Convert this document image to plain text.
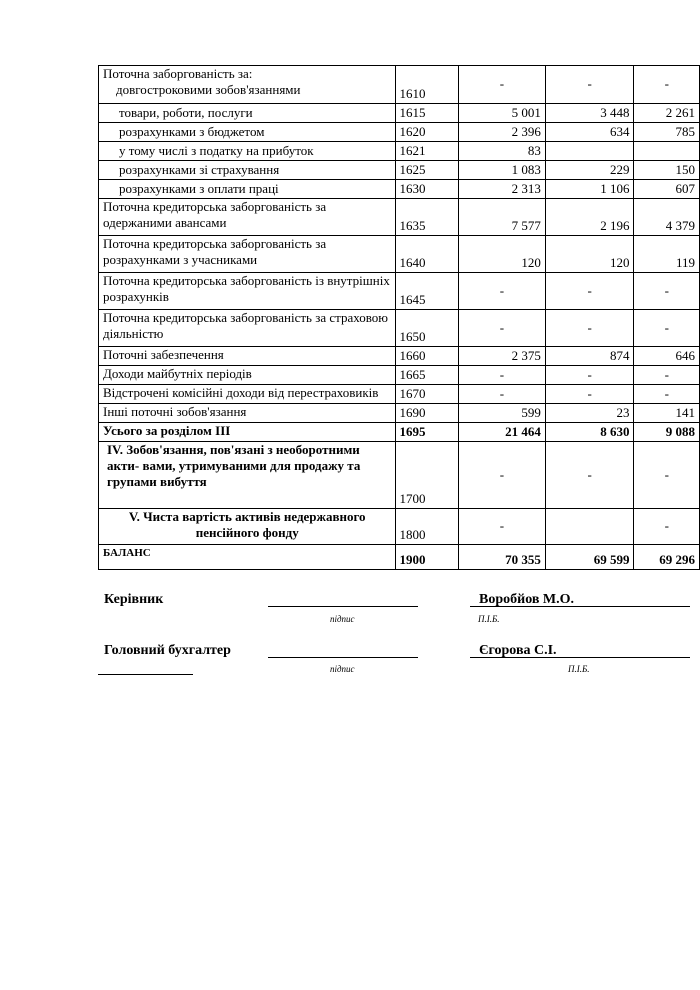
Поточна заборгованість за:
довгостроковими зобов'язаннями	1610	-	-	-
товари, роботи, послуги	1615	5 001	3 448	2 261
розрахунками з бюджетом	1620	2 396	634	785
у тому числі з податку на прибуток	1621	83		
розрахунками зі страхування	1625	1 083	229	150
розрахунками з оплати праці	1630	2 313	1 106	607
Поточна кредиторська заборгованість за одержаними авансами	1635	7 577	2 196	4 379
Поточна кредиторська заборгованість за розрахунками з учасниками	1640	120	120	119
Поточна кредиторська заборгованість із внутрішніх розрахунків	1645	-	-	-
Поточна кредиторська заборгованість за страховою діяльністю	1650	-	-	-
Поточні забезпечення	1660	2 375	874	646
Доходи майбутніх періодів	1665	-	-	-
Відстрочені комісійні доходи від перестраховиків	1670	-	-	-
Інші поточні зобов'язання	1690	599	23	141
Усього за розділом ІІІ	1695	21 464	8 630	9 088
ІV. Зобов'язання, пов'язані з необоротними акти- вами, утримуваними для продажу та групами вибуття	1700	-	-	-
V. Чиста вартість активів недержавного пенсійного фонду	1800	-		-
БАЛАНС	1900	70 355	69 599	69 296
Керівник
підпис
Воробйов М.О.
П.І.Б.
Головний бухгалтер
підпис
Єгорова С.І.
П.І.Б.
